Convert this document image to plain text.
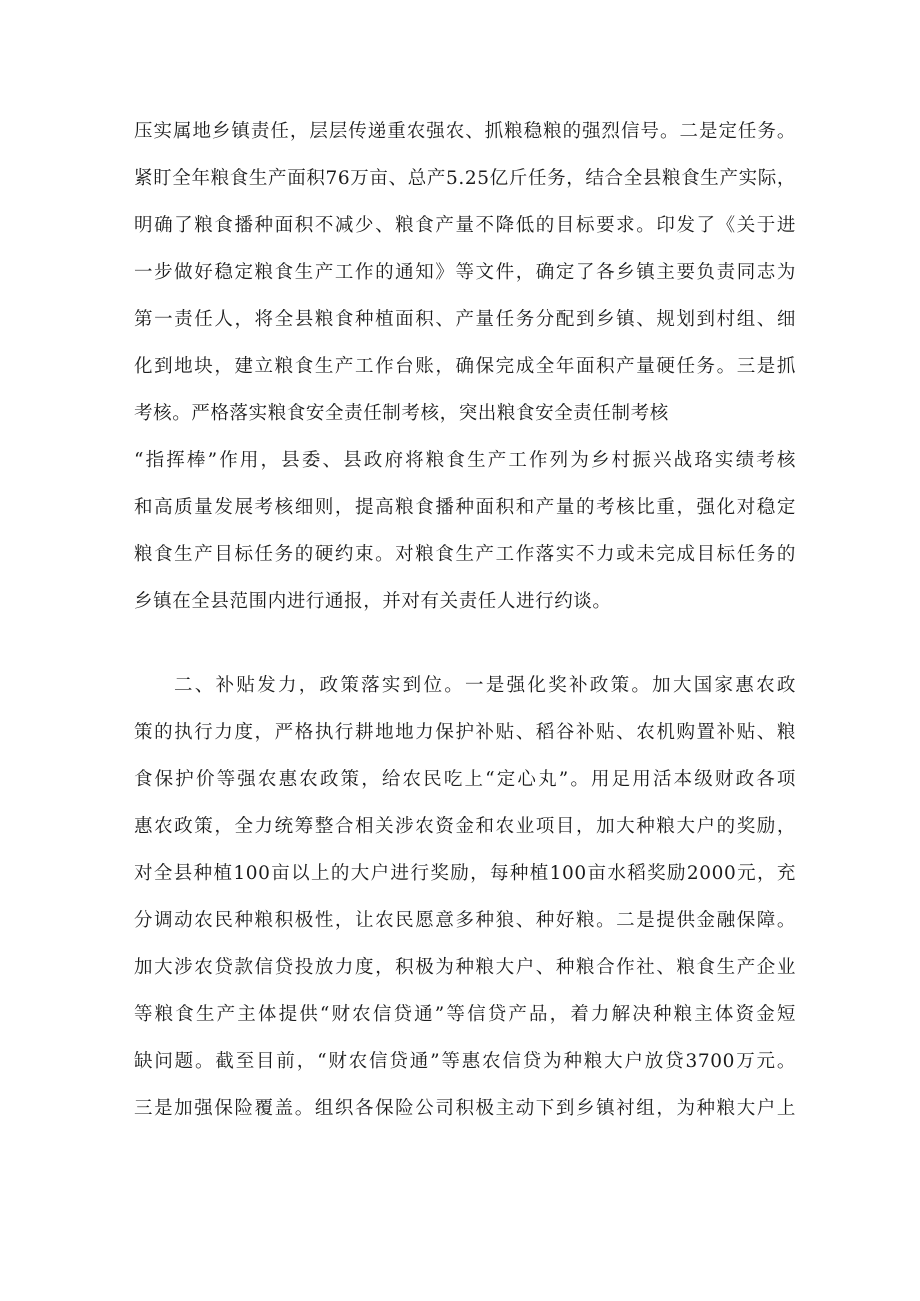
压实属地乡镇责任，层层传递重农强农、抓粮稳粮的强烈信号。二是定任务。
紧盯全年粮食生产面积76万亩、总产5.25亿斤任务，结合全县粮食生产实际，
明确了粮食播种面积不减少、粮食产量不降低的目标要求。印发了《关于进
一步做好稳定粮食生产工作的通知》等文件，确定了各乡镇主要负责同志为
第一责任人，将全县粮食种植面积、产量任务分配到乡镇、规划到村组、细
化到地块，建立粮食生产工作台账，确保完成全年面积产量硬任务。三是抓
考核。严格落实粮食安全责任制考核，突出粮食安全责任制考核
“指挥棒”作用，县委、县政府将粮食生产工作列为乡村振兴战珞实绩考核
和高质量发展考核细则，提高粮食播种面积和产量的考核比重，强化对稳定
粮食生产目标任务的硬约束。对粮食生产工作落实不力或未完成目标任务的
乡镇在全县范围内进行通报，并对有关责任人进行约谈。
二、补贴发力，政策落实到位。一是强化奖补政策。加大国家惠农政
策的执行力度，严格执行耕地地力保护补贴、稻谷补贴、农机购置补贴、粮
食保护价等强农惠农政策，给农民吃上“定心丸”。用足用活本级财政各项
惠农政策，全力统筹整合相关涉农资金和农业项目，加大种粮大户的奖励，
对全县种植100亩以上的大户进行奖励，每种植100亩水稻奖励2000元，充
分调动农民种粮积极性，让农民愿意多种狼、种好粮。二是提供金融保障。
加大涉农贷款信贷投放力度，积极为种粮大户、种粮合作社、粮食生产企业
等粮食生产主体提供“财农信贷通”等信贷产品，着力解决种粮主体资金短
缺问题。截至目前，“财农信贷通”等惠农信贷为种粮大户放贷3700万元。
三是加强保险覆盖。组织各保险公司积极主动下到乡镇衬组，为种粮大户上
